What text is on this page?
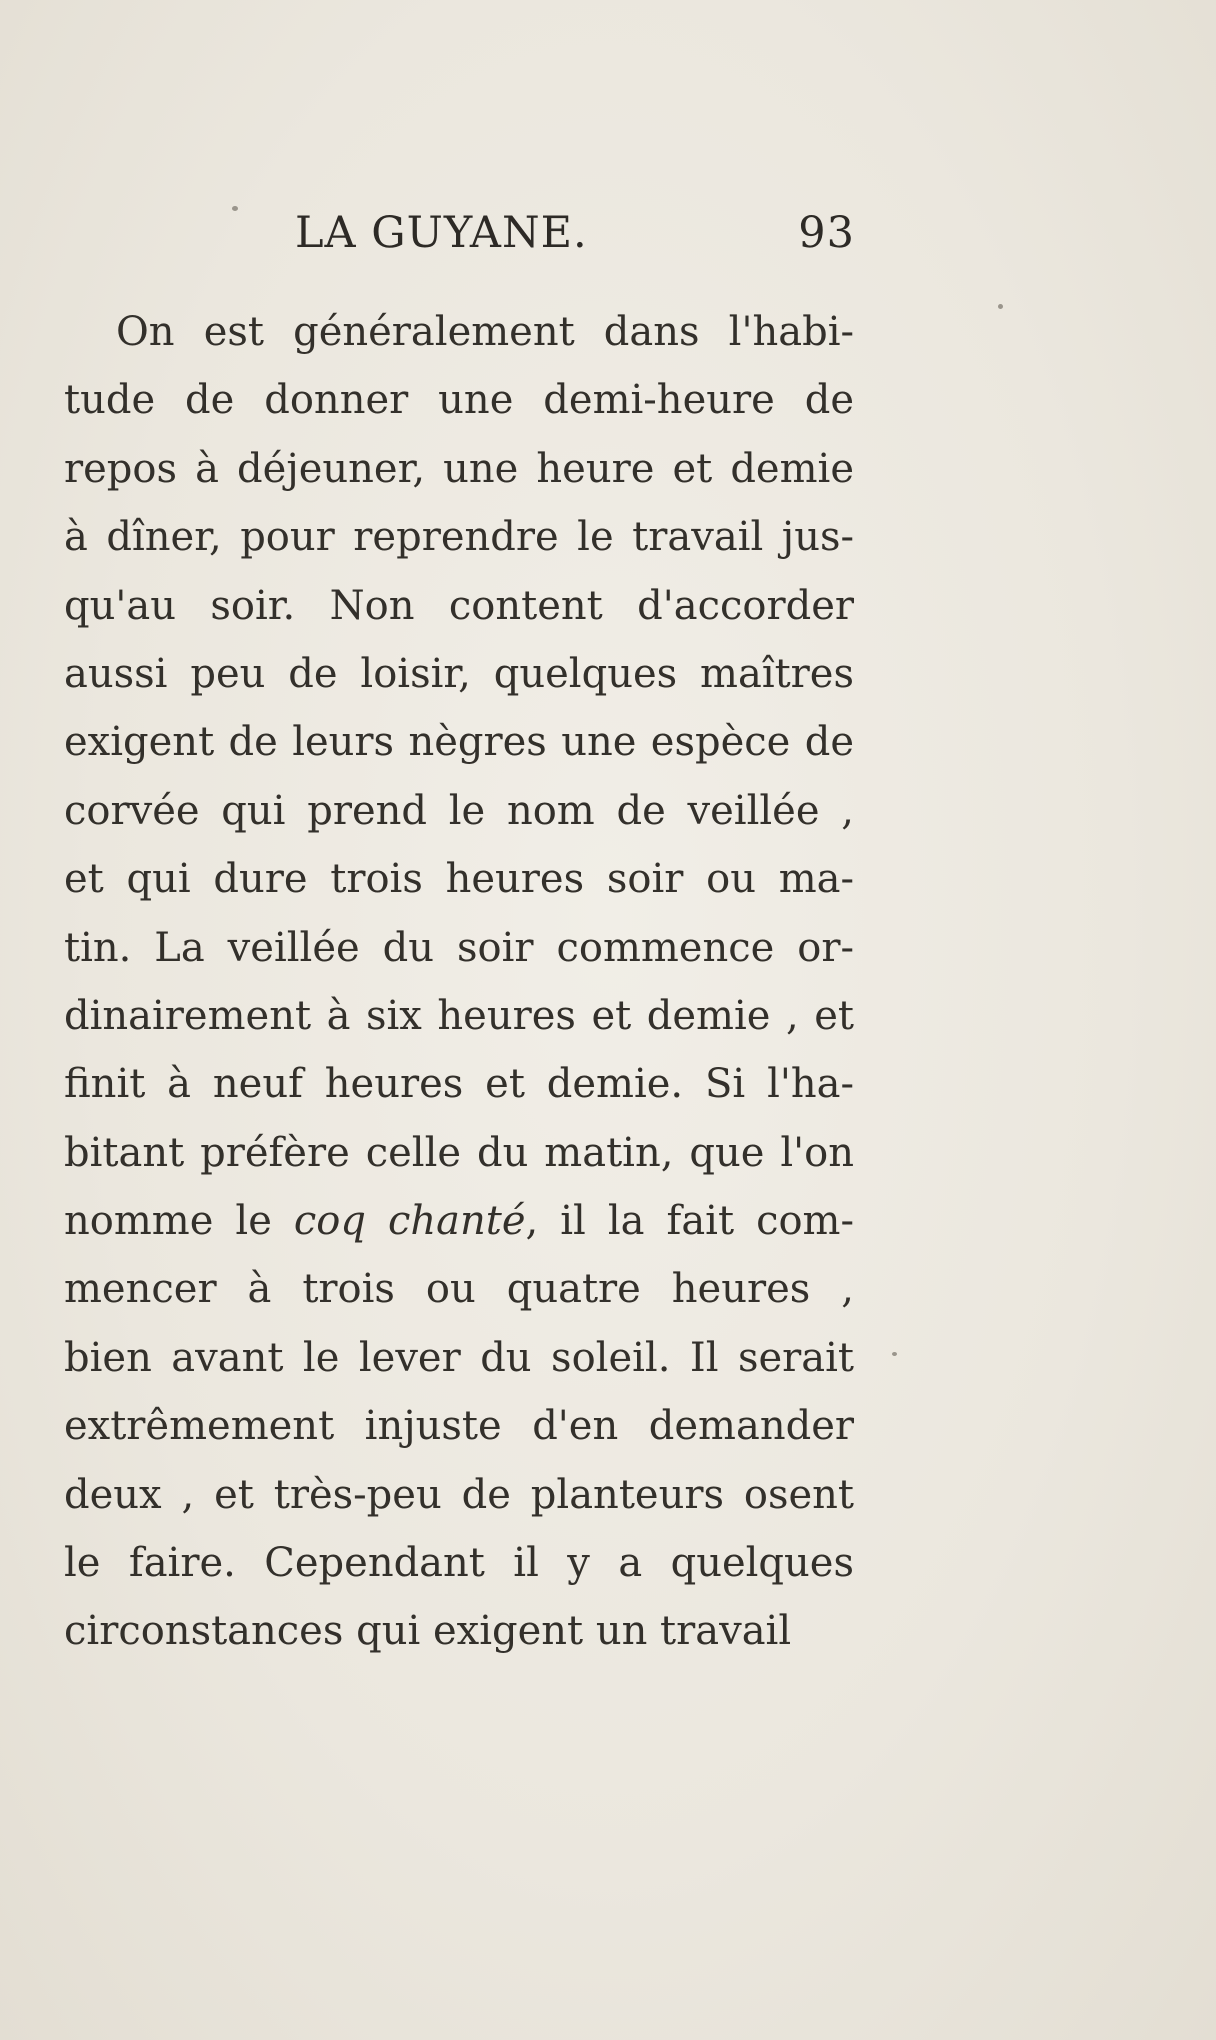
LA GUYANE.	93
On est généralement dans l'habi-
tude de donner une demi-heure de
repos à déjeuner, une heure et demie
à dîner, pour reprendre le travail jus-
qu'au soir. Non content d'accorder
aussi peu de loisir, quelques maîtres
exigent de leurs nègres une espèce de
corvée qui prend le nom de veillée ,
et qui dure trois heures soir ou ma-
tin. La veillée du soir commence or-
dinairement à six heures et demie , et
finit à neuf heures et demie. Si l'ha-
bitant préfère celle du matin, que l'on
nomme le coq chanté, il la fait com-
mencer à trois ou quatre heures ,
bien avant le lever du soleil. Il serait
extrêmement injuste d'en demander
deux , et très-peu de planteurs osent
le faire. Cependant il y a quelques
circonstances qui exigent un travail
